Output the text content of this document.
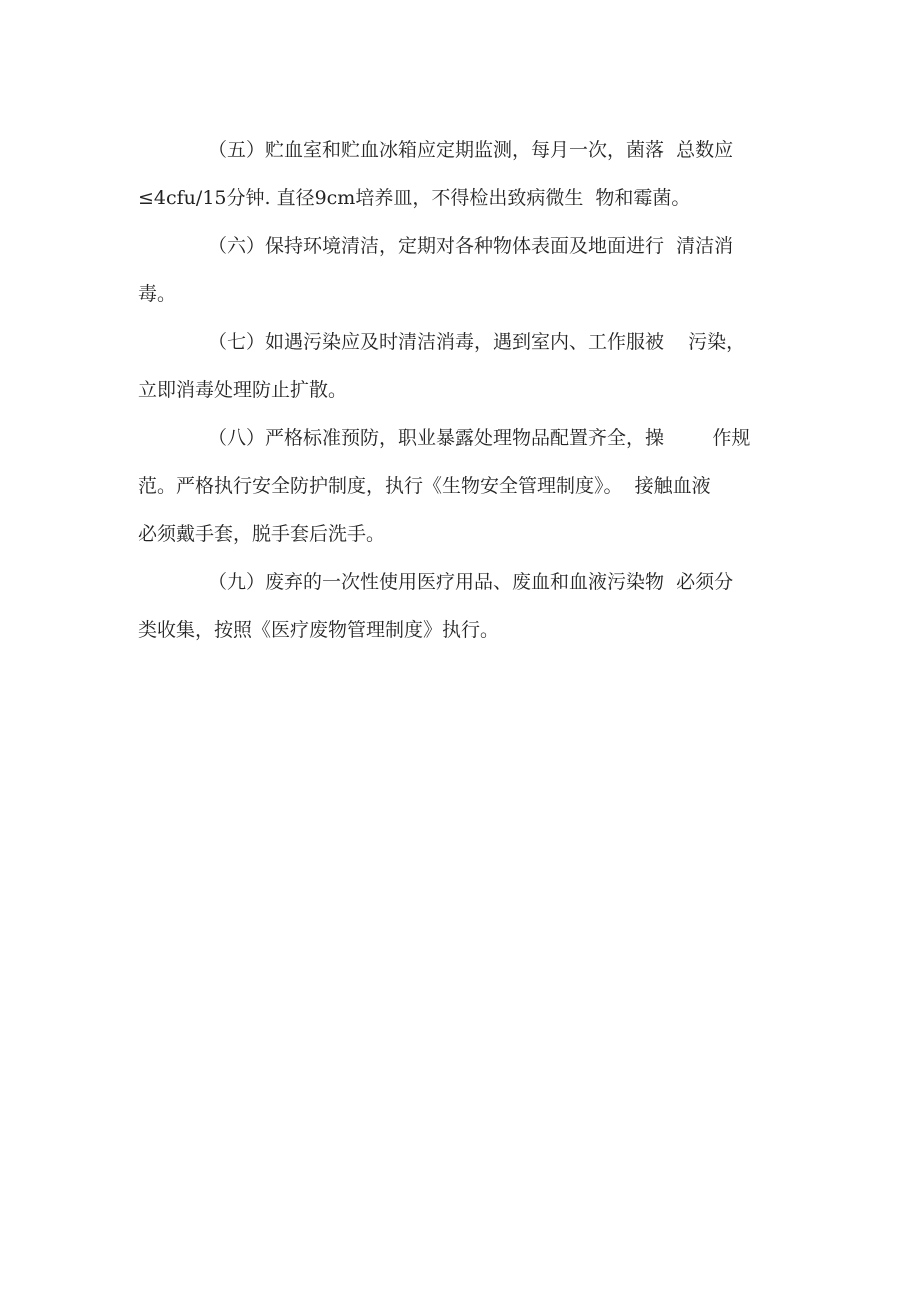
（五）贮血室和贮血冰箱应定期监测，每月一次，菌落  总数应
≤4cfu/15分钟. 直径9cm培养皿，不得检出致病微生  物和霉菌。
（六）保持环境清洁，定期对各种物体表面及地面进行  清洁消
毒。
（七）如遇污染应及时清洁消毒，遇到室内、工作服被    污染，
立即消毒处理防止扩散。
（八）严格标准预防，职业暴露处理物品配置齐全，操        作规
范。严格执行安全防护制度，执行《生物安全管理制度》。  接触血液
必须戴手套，脱手套后洗手。
（九）废弃的一次性使用医疗用品、废血和血液污染物  必须分
类收集，按照《医疗废物管理制度》执行。
